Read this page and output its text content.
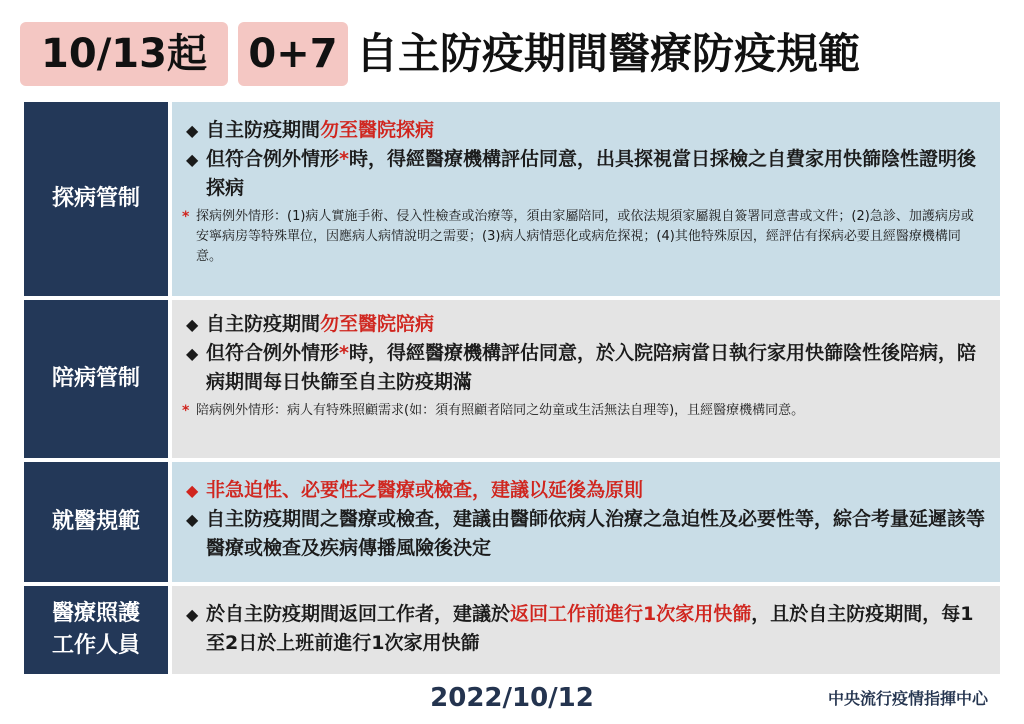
10/13起	0+7 自主防疫期間醫療防疫規範
探病管制
◆ 自主防疫期間勿至醫院探病
◆ 但符合例外情形*時，得經醫療機構評估同意，出具探視當日採檢之自費家用快篩陰性證明後探病
* 探病例外情形：(1)病人實施手術、侵入性檢查或治療等，須由家屬陪同，或依法規須家屬親自簽署同意書或文件；(2)急診、加護病房或安寧病房等特殊單位，因應病人病情說明之需要；(3)病人病情惡化或病危探視；(4)其他特殊原因，經評估有探病必要且經醫療機構同意。
陪病管制
◆ 自主防疫期間勿至醫院陪病
◆ 但符合例外情形*時，得經醫療機構評估同意，於入院陪病當日執行家用快篩陰性後陪病，陪病期間每日快篩至自主防疫期滿
* 陪病例外情形：病人有特殊照顧需求(如：須有照顧者陪同之幼童或生活無法自理等)，且經醫療機構同意。
就醫規範
◆ 非急迫性、必要性之醫療或檢查，建議以延後為原則
◆ 自主防疫期間之醫療或檢查，建議由醫師依病人治療之急迫性及必要性等，綜合考量延遲該等醫療或檢查及疾病傳播風險後決定
醫療照護
工作人員
◆ 於自主防疫期間返回工作者，建議於返回工作前進行1次家用快篩，且於自主防疫期間，每1至2日於上班前進行1次家用快篩
2022/10/12	中央流行疫情指揮中心
